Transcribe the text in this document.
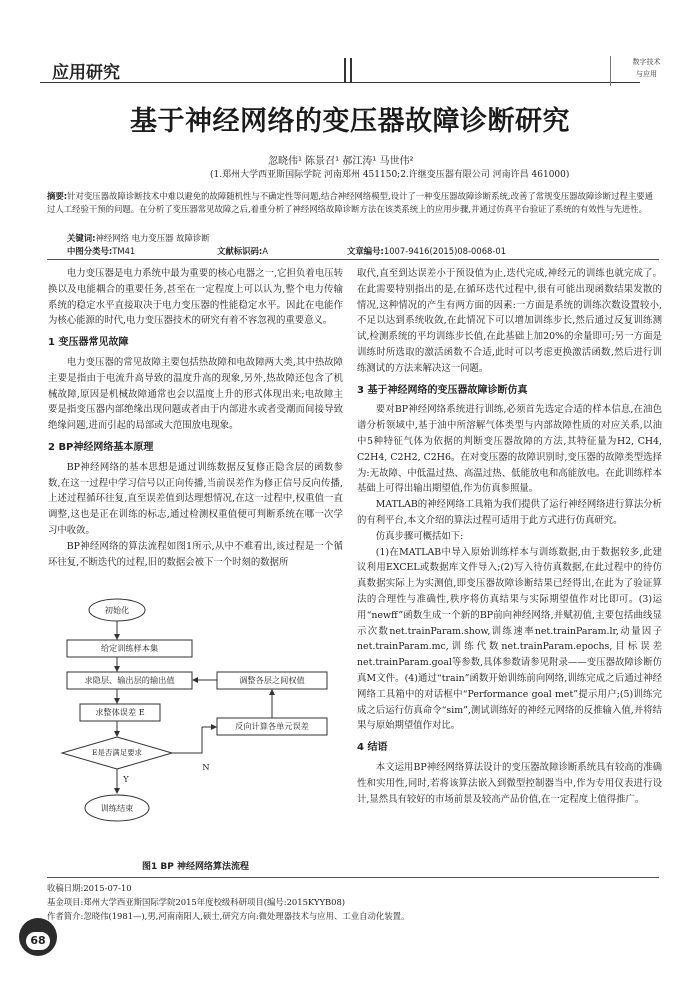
应用研究
数字技术
与应用
基于神经网络的变压器故障诊断研究
忽晓伟¹ 陈景召¹ 郝江涛¹ 马世伟²
(1.郑州大学西亚斯国际学院 河南郑州 451150;2.许继变压器有限公司 河南许昌 461000)
摘要:针对变压器故障诊断技术中难以避免的故障随机性与不确定性等问题,结合神经网络模型,设计了一种变压器故障诊断系统,改善了常规变压器故障诊断过程主要通过人工经验干预的问题。在分析了变压器常见故障之后,着重分析了神经网络故障诊断方法在该类系统上的应用步骤,并通过仿真平台验证了系统的有效性与先进性。
关键词:神经网络 电力变压器 故障诊断
中图分类号:TM41	文献标识码:A	文章编号:1007-9416(2015)08-0068-01

电力变压器是电力系统中最为重要的核心电器之一,它担负着电压转换以及电能耦合的重要任务,甚至在一定程度上可以认为,整个电力传输系统的稳定水平直接取决于电力变压器的性能稳定水平。因此在电能作为核心能源的时代,电力变压器技术的研究有着不容忽视的重要意义。

1 变压器常见故障

电力变压器的常见故障主要包括热故障和电故障两大类,其中热故障主要是指由于电流升高导致的温度升高的现象,另外,热故障还包含了机械故障,原因是机械故障通常也会以温度上升的形式体现出来;电故障主要是指变压器内部绝缘出现问题或者由于内部进水或者受潮而间接导致绝缘问题,进而引起的局部或大范围放电现象。

2 BP神经网络基本原理

BP神经网络的基本思想是通过训练数据反复修正隐含层的函数参数,在这一过程中学习信号以正向传播,当前误差作为修正信号反向传播,上述过程循环往复,直至误差值到达理想情况,在这一过程中,权重值一直调整,这也是正在训练的标志,通过检测权重值便可判断系统在哪一次学习中收敛。

BP神经网络的算法流程如图1所示,从中不难看出,该过程是一个循环往复,不断迭代的过程,旧的数据会被下一个时刻的数据所

初始化
给定训练样本集
求隐层、输出层的输出值
求整体误差 E
E是否满足要求
Y
N
训练结束
调整各层之间权值
反向计算各单元误差
图1 BP 神经网络算法流程

取代,直至到达误差小于预设值为止,迭代完成,神经元的训练也就完成了。在此需要特别指出的是,在循环迭代过程中,很有可能出现函数结果发散的情况,这种情况的产生有两方面的因素:一方面是系统的训练次数设置较小,不足以达到系统收敛,在此情况下可以增加训练步长,然后通过反复训练测试,检测系统的平均训练步长值,在此基础上加20%的余量即可;另一方面是训练时所选取的激活函数不合适,此时可以考虑更换激活函数,然后进行训练测试的方法来解决这一问题。

3 基于神经网络的变压器故障诊断仿真

要对BP神经网络系统进行训练,必须首先选定合适的样本信息,在油色谱分析领域中,基于油中所溶解气体类型与内部故障性质的对应关系,以油中5种特征气体为依据的判断变压器故障的方法,其特征量为H2, CH4, C2H4, C2H2, C2H6。在对变压器的故障识别时,变压器的故障类型选择为:无故障、中低温过热、高温过热、低能放电和高能放电。在此训练样本基础上可得出输出期望值,作为仿真参照量。

MATLAB的神经网络工具箱为我们提供了运行神经网络进行算法分析的有利平台,本文介绍的算法过程可适用于此方式进行仿真研究。

仿真步骤可概括如下:

(1)在MATLAB中导入原始训练样本与训练数据,由于数据较多,此建议利用EXCEL或数据库文件导入;(2)写入待仿真数据,在此过程中的待仿真数据实际上为实测值,即变压器故障诊断结果已经得出,在此为了验证算法的合理性与准确性,秩序将仿真结果与实际期望值作对比即可。(3)运用“newff”函数生成一个新的BP前向神经网络,并赋初值,主要包括曲线显示次数net.trainParam.show,训练速率net.trainParam.lr,动量因子net.trainParam.mc,训练代数net.trainParam.epochs,目标误差net.trainParam.goal等参数,具体参数请参见附录——变压器故障诊断仿真M文件。(4)通过“train”函数开始训练前向网络,训练完成之后通过神经网络工具箱中的对话框中“Performance goal met”提示用户;(5)训练完成之后运行仿真命令“sim”,测试训练好的神经元网络的反推输入值,并将结果与原始期望值作对比。

4 结语

本文运用BP神经网络算法设计的变压器故障诊断系统具有较高的准确性和实用性,同时,若将该算法嵌入到微型控制器当中,作为专用仪表进行设计,显然具有较好的市场前景及较高产品价值,在一定程度上值得推广。

收稿日期:2015-07-10
基金项目:郑州大学西亚斯国际学院2015年度校级科研项目(编号:2015KYYB08)
作者简介:忽晓伟(1981—),男,河南南阳人,硕士,研究方向:微处理器技术与应用、工业自动化装置。
68
